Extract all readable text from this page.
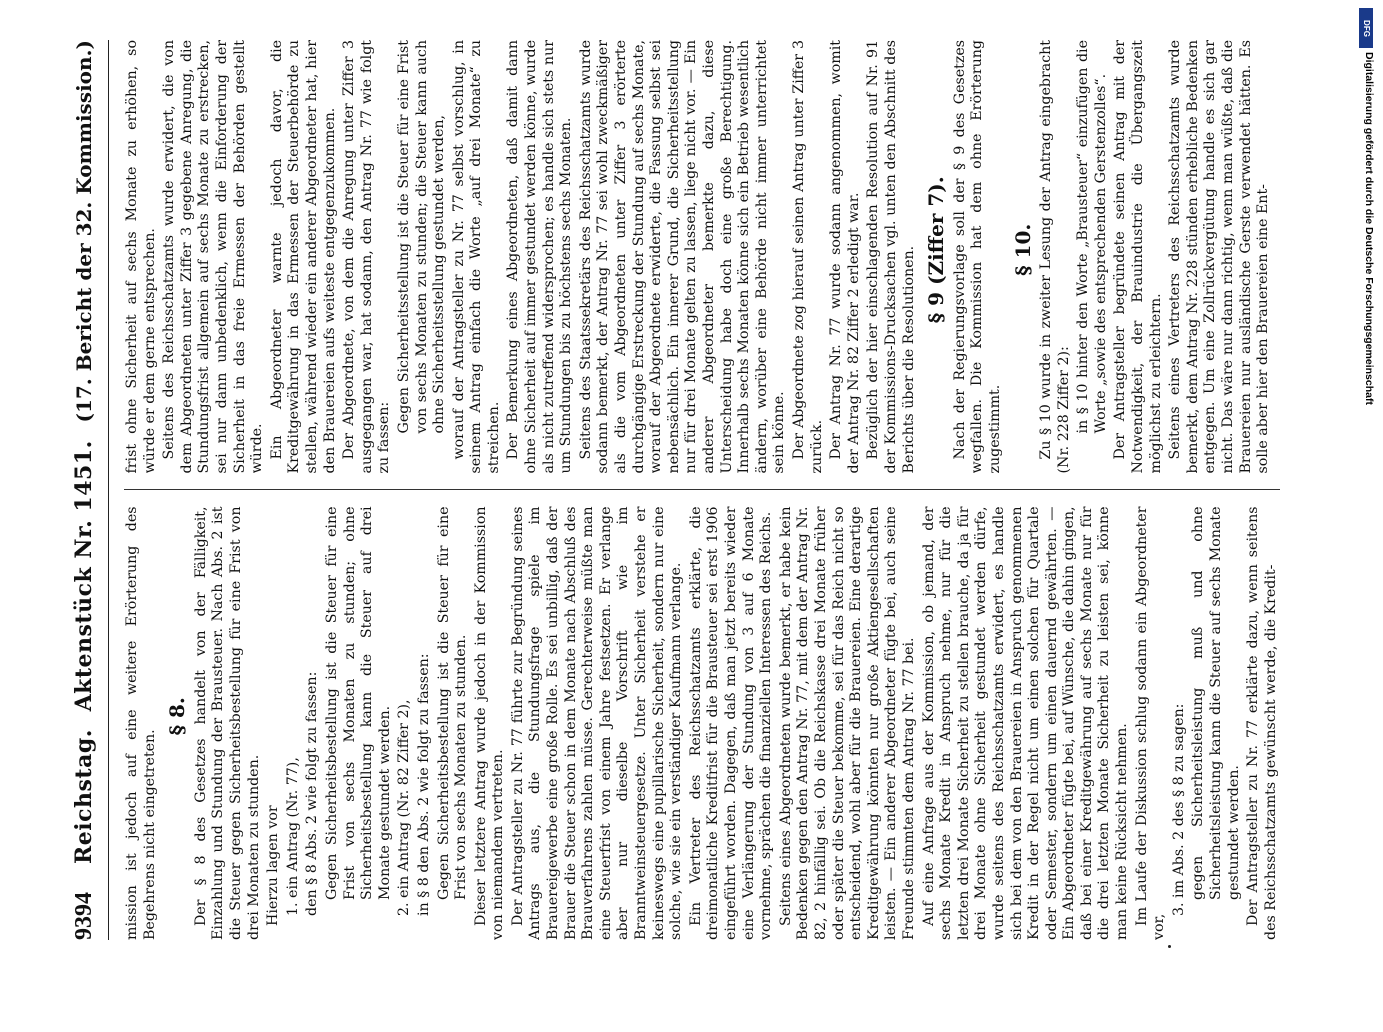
9394
Reichstag.
Aktenstück Nr. 1451.
(17. Bericht der 32. Kommission.)

mission ist jedoch auf eine weitere Erörterung des Begehrens nicht eingetreten.

§ 8. Der § 8 des Gesetzes handelt von der Fälligkeit, Einzahlung und Stundung der Brausteuer. Nach Abs. 2 ist die Steuer gegen Sicherheitsbestellung für eine Frist von drei Monaten zu stunden. Hierzu lagen vor 1. ein Antrag (Nr. 77), den § 8 Abs. 2 wie folgt zu fassen: Gegen Sicherheitsbestellung ist die Steuer für eine Frist von sechs Monaten zu stunden; ohne Sicherheitsbestellung kann die Steuer auf drei Monate gestundet werden. 2. ein Antrag (Nr. 82 Ziffer 2), in § 8 den Abs. 2 wie folgt zu fassen: Gegen Sicherheitsbestellung ist die Steuer für eine Frist von sechs Monaten zu stunden. Dieser letztere Antrag wurde jedoch in der Kommission von niemandem vertreten. Der Antragsteller zu Nr. 77 führte zur Begründung seines Antrags aus, die Stundungsfrage spiele im Brauereigewerbe eine große Rolle. Es sei unbillig, daß der Brauer die Steuer schon in dem Monate nach Abschluß des Brauverfahrens zahlen müsse. Gerechterweise müßte man eine Steuerfrist von einem Jahre festsetzen. Er verlange aber nur dieselbe Vorschrift wie im Branntweinsteuergesetze. Unter Sicherheit verstehe er keineswegs eine pupillarische Sicherheit, sondern nur eine solche, wie sie ein verständiger Kaufmann verlange. Ein Vertreter des Reichsschatzamts erklärte, die dreimonatliche Kreditfrist für die Brausteuer sei erst 1906 eingeführt worden. Dagegen, daß man jetzt bereits wieder eine Verlängerung der Stundung von 3 auf 6 Monate vornehme, sprächen die finanziellen Interessen des Reichs. Seitens eines Abgeordneten wurde bemerkt, er habe kein Bedenken gegen den Antrag Nr. 77, mit dem der Antrag Nr. 82, 2 hinfällig sei. Ob die Reichskasse drei Monate früher oder später die Steuer bekomme, sei für das Reich nicht so entscheidend, wohl aber für die Brauereien. Eine derartige Kreditgewährung könnten nur große Aktiengesellschaften leisten. — Ein anderer Abgeordneter fügte bei, auch seine Freunde stimmten dem Antrag Nr. 77 bei. Auf eine Anfrage aus der Kommission, ob jemand, der sechs Monate Kredit in Anspruch nehme, nur für die letzten drei Monate Sicherheit zu stellen brauche, da ja für drei Monate ohne Sicherheit gestundet werden dürfe, wurde seitens des Reichsschatzamts erwidert, es handle sich bei dem von den Brauereien in Anspruch genommenen Kredit in der Regel nicht um einen solchen für Quartale oder Semester, sondern um einen dauernd gewährten. — Ein Abgeordneter fügte bei, auf Wünsche, die dahin gingen, daß bei einer Kreditgewährung auf sechs Monate nur für die drei letzten Monate Sicherheit zu leisten sei, könne man keine Rücksicht nehmen. Im Laufe der Diskussion schlug sodann ein Abgeordneter vor,

3. im Abs. 2 des § 8 zu sagen: gegen Sicherheitsleistung muß und ohne Sicherheitsleistung kann die Steuer auf sechs Monate gestundet werden. Der Antragsteller zu Nr. 77 erklärte dazu, wenn seitens des Reichsschatzamts gewünscht werde, die Kredit-

frist ohne Sicherheit auf sechs Monate zu erhöhen, so würde er dem gerne entsprechen. Seitens des Reichsschatzamts wurde erwidert, die von dem Abgeordneten unter Ziffer 3 gegebene Anregung, die Stundungsfrist allgemein auf sechs Monate zu erstrecken, sei nur dann unbedenklich, wenn die Einforderung der Sicherheit in das freie Ermessen der Behörden gestellt würde. Ein Abgeordneter warnte jedoch davor, die Kreditgewährung in das Ermessen der Steuerbehörde zu stellen, während wieder ein anderer Abgeordneter hat, hier den Brauereien aufs weiteste entgegenzukommen. Der Abgeordnete, von dem die Anregung unter Ziffer 3 ausgegangen war, hat sodann, den Antrag Nr. 77 wie folgt zu fassen:

Gegen Sicherheitsstellung ist die Steuer für eine Frist von sechs Monaten zu stunden; die Steuer kann auch ohne Sicherheitsstellung gestundet werden, worauf der Antragsteller zu Nr. 77 selbst vorschlug, in seinem Antrag einfach die Worte „auf drei Monate“ zu streichen. Der Bemerkung eines Abgeordneten, daß damit dann ohne Sicherheit auf immer gestundet werden könne, wurde als nicht zutreffend widersprochen; es handle sich stets nur um Stundungen bis zu höchstens sechs Monaten. Seitens des Staatssekretärs des Reichsschatzamts wurde sodann bemerkt, der Antrag Nr. 77 sei wohl zweckmäßiger als die vom Abgeordneten unter Ziffer 3 erörterte durchgängige Erstreckung der Stundung auf sechs Monate, worauf der Abgeordnete erwiderte, die Fassung selbst sei nebensächlich. Ein innerer Grund, die Sicherheitsstellung nur für drei Monate gelten zu lassen, liege nicht vor. — Ein anderer Abgeordneter bemerkte dazu, diese Unterscheidung habe doch eine große Berechtigung. Innerhalb sechs Monaten könne sich ein Betrieb wesentlich ändern, worüber eine Behörde nicht immer unterrichtet sein könne. Der Abgeordnete zog hierauf seinen Antrag unter Ziffer 3 zurück. Der Antrag Nr. 77 wurde sodann angenommen, womit der Antrag Nr. 82 Ziffer 2 erledigt war. Bezüglich der hier einschlagenden Resolution auf Nr. 91 der Kommissions-Drucksachen vgl. unten den Abschnitt des Berichts über die Resolutionen. § 9 (Ziffer 7). Nach der Regierungsvorlage soll der § 9 des Gesetzes wegfallen. Die Kommission hat dem ohne Erörterung zugestimmt.

§ 10. Zu § 10 wurde in zweiter Lesung der Antrag eingebracht (Nr. 228 Ziffer 2): in § 10 hinter den Worte „Brausteuer“ einzufügen die Worte „sowie des entsprechenden Gerstenzolles“. Der Antragsteller begründete seinen Antrag mit der Notwendigkeit, der Brauindustrie die Übergangszeit möglichst zu erleichtern. Seitens eines Vertreters des Reichsschatzamts wurde bemerkt, dem Antrag Nr. 228 stünden erhebliche Bedenken entgegen. Um eine Zollrückvergütung handle es sich gar nicht. Das wäre nur dann richtig, wenn man wüßte, daß die Brauereien nur ausländische Gerste verwendet hätten. Es solle aber hier den Brauereien eine Ent-

DFG
Digitalisierung gefördert durch die Deutsche Forschungsgemeinschaft
